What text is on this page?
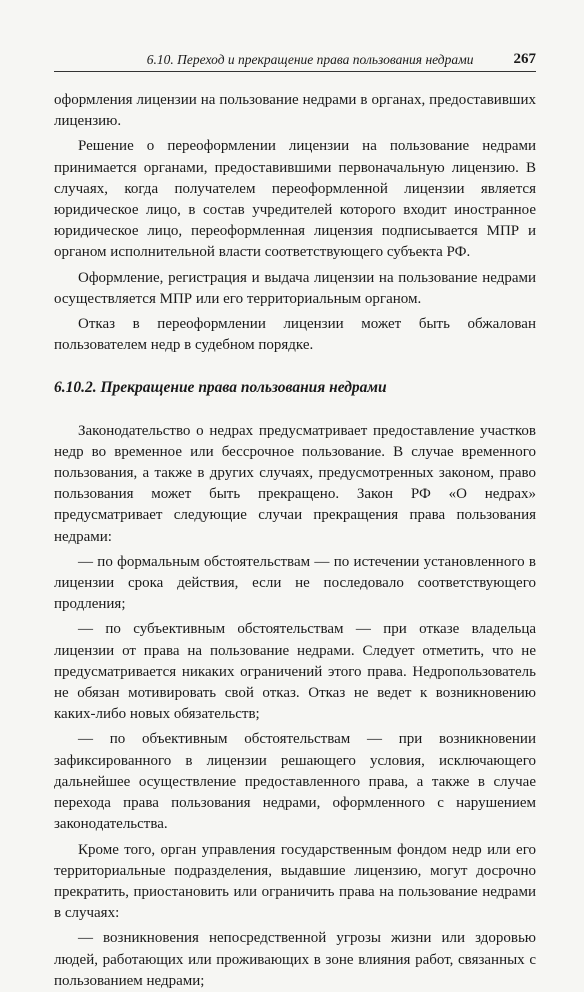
6.10. Переход и прекращение права пользования недрами	267

оформления лицензии на пользование недрами в органах, предоставивших лицензию.

Решение о переоформлении лицензии на пользование недрами принимается органами, предоставившими первоначальную лицензию. В случаях, когда получателем переоформленной лицензии является юридическое лицо, в состав учредителей которого входит иностранное юридическое лицо, переоформленная лицензия подписывается МПР и органом исполнительной власти соответствующего субъекта РФ.

Оформление, регистрация и выдача лицензии на пользование недрами осуществляется МПР или его территориальным органом.

Отказ в переоформлении лицензии может быть обжалован пользователем недр в судебном порядке.

6.10.2. Прекращение права пользования недрами

Законодательство о недрах предусматривает предоставление участков недр во временное или бессрочное пользование. В случае временного пользования, а также в других случаях, предусмотренных законом, право пользования может быть прекращено. Закон РФ «О недрах» предусматривает следующие случаи прекращения права пользования недрами:

— по формальным обстоятельствам — по истечении установленного в лицензии срока действия, если не последовало соответствующего продления;

— по субъективным обстоятельствам — при отказе владельца лицензии от права на пользование недрами. Следует отметить, что не предусматривается никаких ограничений этого права. Недропользователь не обязан мотивировать свой отказ. Отказ не ведет к возникновению каких-либо новых обязательств;

— по объективным обстоятельствам — при возникновении зафиксированного в лицензии решающего условия, исключающего дальнейшее осуществление предоставленного права, а также в случае перехода права пользования недрами, оформленного с нарушением законодательства.

Кроме того, орган управления государственным фондом недр или его территориальные подразделения, выдавшие лицензию, могут досрочно прекратить, приостановить или ограничить права на пользование недрами в случаях:

— возникновения непосредственной угрозы жизни или здоровью людей, работающих или проживающих в зоне влияния работ, связанных с пользованием недрами;
